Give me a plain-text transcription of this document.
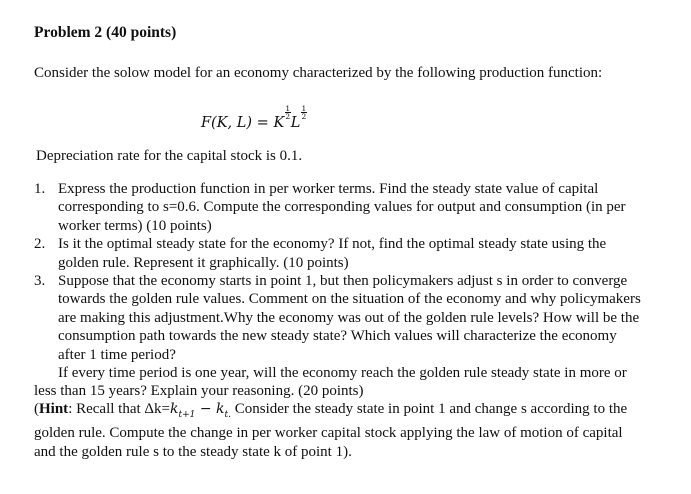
Problem 2 (40 points)
Consider the solow model for an economy characterized by the following production function:
F(K, L) = K
$^{\frac{1}{2}}$
L
$^{\frac{1}{2}}$
Depreciation rate for the capital stock is 0.1.
1. Express the production function in per worker terms. Find the steady state value of capital corresponding to s=0.6. Compute the corresponding values for output and consumption (in per worker terms) (10 points)
2. Is it the optimal steady state for the economy? If not, find the optimal steady state using the golden rule. Represent it graphically. (10 points)
3. Suppose that the economy starts in point 1, but then policymakers adjust s in order to converge towards the golden rule values. Comment on the situation of the economy and why policymakers are making this adjustment.Why the economy was out of the golden rule levels? How will be the consumption path towards the new steady state? Which values will characterize the economy after 1 time period?
If every time period is one year, will the economy reach the golden rule steady state in more or less than 15 years? Explain your reasoning. (20 points)
(Hint: Recall that $\Delta k=k_{t+1} - k_{t.}$ Consider the steady state in point 1 and change s according to the golden rule. Compute the change in per worker capital stock applying the law of motion of capital and the golden rule s to the steady state k of point 1).
